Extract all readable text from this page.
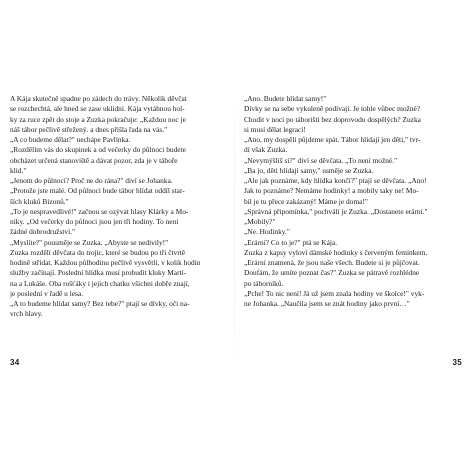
A Kája skutečně spadne po zádech do trávy. Několik děvčat
se rozchechtá, ale hned se zase uklidní. Kája vytáhnou hol-
ky za ruce zpět do stoje a Zuzka pokračuje: „Každou noc je
náš tábor pečlivě střežený. a dnes přišla řada na vás."
„A co budeme dělat?" nechápe Pavlínka.
„Rozdělím vás do skupinek a od večerky do půlnoci budete
obcházet určená stanoviště a dávat pozor, zda je v táboře
klid."
„Jenom do půlnoci? Proč ne do rána?" diví se Johanka.
„Protože jste malé. Od půlnoci bude tábor hlídat oddíl star-
ších kluků Bizonů."
„To je nespravedlivé!" začnou se ozývat hlasy Klárky a Mo-
niky. „Od večerky do půlnoci jsou jen tři hodiny. To není
žádné dobrodružství."
„Myslíte?" pousměje se Zuzka. „Abyste se nedivily!"
Zuzka rozdělí děvčata do trojic, které se budou po tři čtvrtě
hodině střídat. Každou půlhodinu pečlivě vysvětlí, v kolik hodin
služby začínají. Poslední hlídka musí probudit kluky Martí-
na a Lukáše. Oba rošťáky i jejich chatku všichni dobře znají,
je poslední v řadě u lesa.
„A to budeme hlídat samy? Bez tebe?" ptají se dívky, oči na-
vrch hlavy.
34
„Ano. Budete hlídat samy!"
Dívky se na sebe vykuleně podívají. Je tohle vůbec možné?
Chodit v noci po táborišti bez doprovodu dospělých? Zuzka
si musí dělat legraci!
„Ano, my dospělí půjdeme spát. Tábor hlídají jen děti," tvr-
dí však Zuzka.
„Nevymýšlíš si?" diví se děvčata. „To není možné."
„Ba jo, děti hlídají samy," usměje se Zuzka.
„Ale jak poznáme, kdy hlídka končí?" ptají se děvčata. „Ano!
Jak to poznáme? Nemáme hodinky! a mobily taky ne! Mo-
bil je tu přece zakázaný! Máme je doma!"
„Správná připomínka," pochválí je Zuzka. „Dostanete erární."
„Mobily?"
„Ne. Hodinky."
„Erární? Co to je?" ptá se Kája.
Zuzka z kapsy vyloví dámské hodinky s červeným feminkem.
„Erární znamená, že jsou naše všech. Budete si je půjčovat.
Doufám, že umíte poznat čas?" Zuzka se pátravě rozhlédne
po táborníků.
„Pche! To nic není! Já už jsem znala hodiny ve školce!" vyk-
ne Johanka. „Naučila jsem se znát hodiny jako první…"
35
